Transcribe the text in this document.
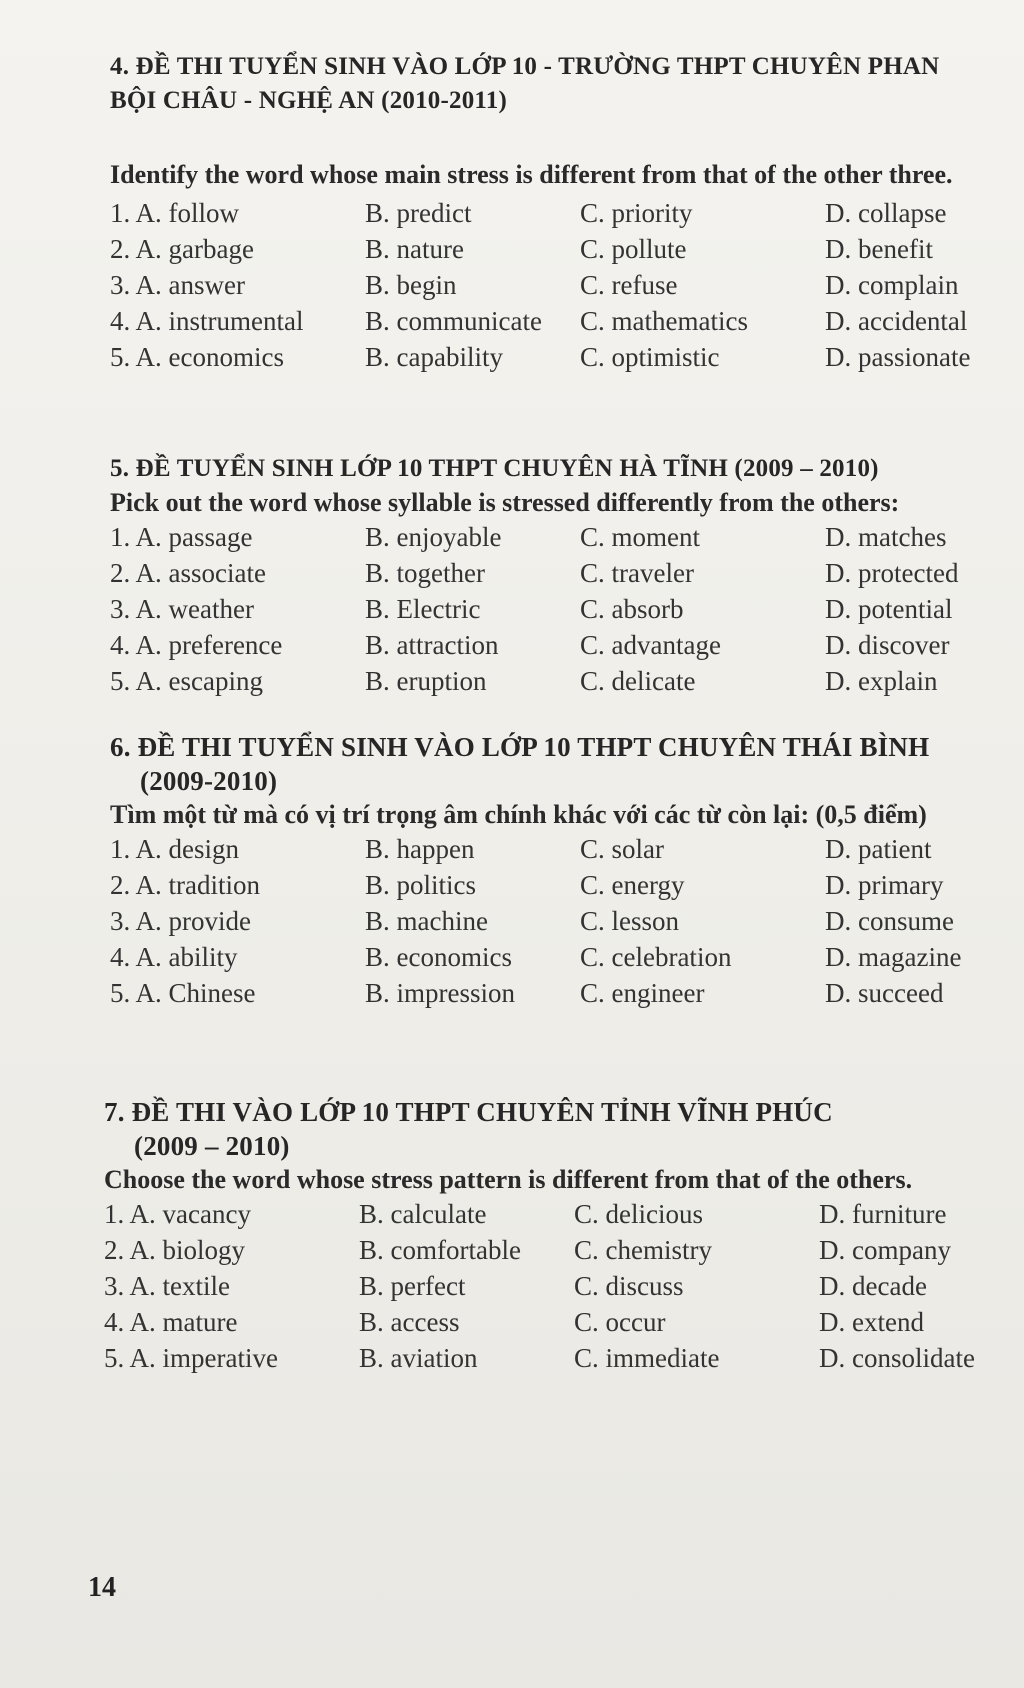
4. ĐỀ THI TUYỂN SINH VÀO LỚP 10 - TRƯỜNG THPT CHUYÊN PHAN
BỘI CHÂU - NGHỆ AN (2010-2011)
Identify the word whose main stress is different from that of the other three.
1. A. follow	B. predict	C. priority	D. collapse
2. A. garbage	B. nature	C. pollute	D. benefit
3. A. answer	B. begin	C. refuse	D. complain
4. A. instrumental	B. communicate	C. mathematics	D. accidental
5. A. economics	B. capability	C. optimistic	D. passionate
5. ĐỀ TUYỂN SINH LỚP 10 THPT CHUYÊN HÀ TĨNH (2009 – 2010)
Pick out the word whose syllable is stressed differently from the others:
1. A. passage	B. enjoyable	C. moment	D. matches
2. A. associate	B. together	C. traveler	D. protected
3. A. weather	B. Electric	C. absorb	D. potential
4. A. preference	B. attraction	C. advantage	D. discover
5. A. escaping	B. eruption	C. delicate	D. explain
6. ĐỀ THI TUYỂN SINH VÀO LỚP 10 THPT CHUYÊN THÁI BÌNH
(2009-2010)
Tìm một từ mà có vị trí trọng âm chính khác với các từ còn lại: (0,5 điểm)
1. A. design	B. happen	C. solar	D. patient
2. A. tradition	B. politics	C. energy	D. primary
3. A. provide	B. machine	C. lesson	D. consume
4. A. ability	B. economics	C. celebration	D. magazine
5. A. Chinese	B. impression	C. engineer	D. succeed
7. ĐỀ THI VÀO LỚP 10 THPT CHUYÊN TỈNH VĨNH PHÚC
(2009 – 2010)
Choose the word whose stress pattern is different from that of the others.
1. A. vacancy	B. calculate	C. delicious	D. furniture
2. A. biology	B. comfortable	C. chemistry	D. company
3. A. textile	B. perfect	C. discuss	D. decade
4. A. mature	B. access	C. occur	D. extend
5. A. imperative	B. aviation	C. immediate	D. consolidate
14
